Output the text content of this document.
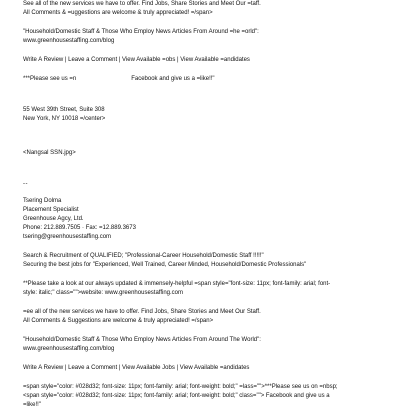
See all of the new services we have to offer. Find Jobs, Share Stories and Meet Our =taff.
All Comments & =uggestions are welcome & truly appreciated! =/span>
"Household/Domestic Staff & Those Who Employ News Articles From Around =he =orld":
www.greenhousestaffing.com/blog
Write A Review | Leave a Comment | View Available =obs | View Available =andidates
***Please see us =n	Facebook and give us a =like!!"
55 West 39th Street, Suite 308
New York, NY 10018 =/center>
<Nangsal SSN.jpg>
--
Tsering Dolma
Placement Specialist
Greenhouse Agcy, Ltd.
Phone: 212.889.7505 · Fax: =12.889.3673
tsering@greenhousestaffing.com
Search & Recruitment of QUALIFIED; "Professional-Career Household/Domestic Staff !!!!!"
Securing the best jobs for "Experienced, Well Trained, Career Minded, Household/Domestic Professionals"
**Please take a look at our always updated & immensely-helpful =span style="font-size: 11px; font-family: arial; font-
style: italic;" class="">website: www.greenhousestaffing.com
=ee all of the new services we have to offer. Find Jobs, Share Stories and Meet Our Staff.
All Comments & Suggestions are welcome & truly appreciated! =/span>
"Household/Domestic Staff & Those Who Employ News Articles From Around The World":
www.greenhousestaffing.com/blog
Write A Review | Leave a Comment | View Available Jobs | View Available =andidates
=span style="color: #028d32; font-size: 11px; font-family: arial; font-weight: bold;" =lass="">***Please see us on =nbsp;
<span style="color: #028d32; font-size: 11px; font-family: arial; font-weight: bold;" class=""> Facebook and give us a
=like!!"
